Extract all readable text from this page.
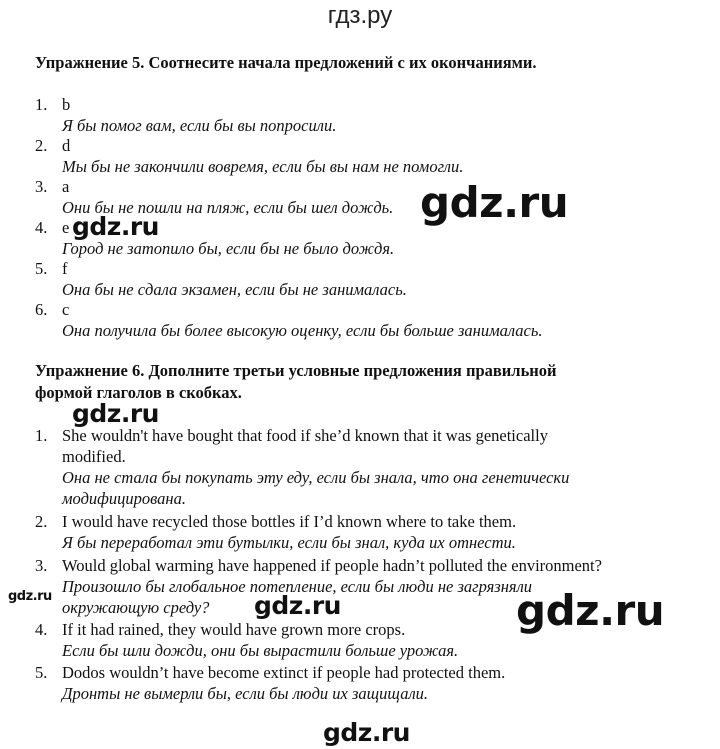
гдз.ру
Упражнение 5. Соотнесите начала предложений с их окончаниями.
1. b
Я бы помог вам, если бы вы попросили.
2. d
Мы бы не закончили вовремя, если бы вы нам не помогли.
3. a
Они бы не пошли на пляж, если бы шел дождь.
4. e
Город не затопило бы, если бы не было дождя.
5. f
Она бы не сдала экзамен, если бы не занималась.
6. c
Она получила бы более высокую оценку, если бы больше занималась.
Упражнение 6. Дополните третьи условные предложения правильной
формой глаголов в скобках.
1. She wouldn't have bought that food if she’d known that it was genetically
modified.
Она не стала бы покупать эту еду, если бы знала, что она генетически
модифицирована.
2. I would have recycled those bottles if I’d known where to take them.
Я бы переработал эти бутылки, если бы знал, куда их отнести.
3. Would global warming have happened if people hadn’t polluted the environment?
Произошло бы глобальное потепление, если бы люди не загрязняли
окружающую среду?
4. If it had rained, they would have grown more crops.
Если бы шли дожди, они бы вырастили больше урожая.
5. Dodos wouldn’t have become extinct if people had protected them.
Дронты не вымерли бы, если бы люди их защищали.
gdz.ru
gdz.ru
gdz.ru
gdz.ru	gdz.ru	gdz.ru
gdz.ru
